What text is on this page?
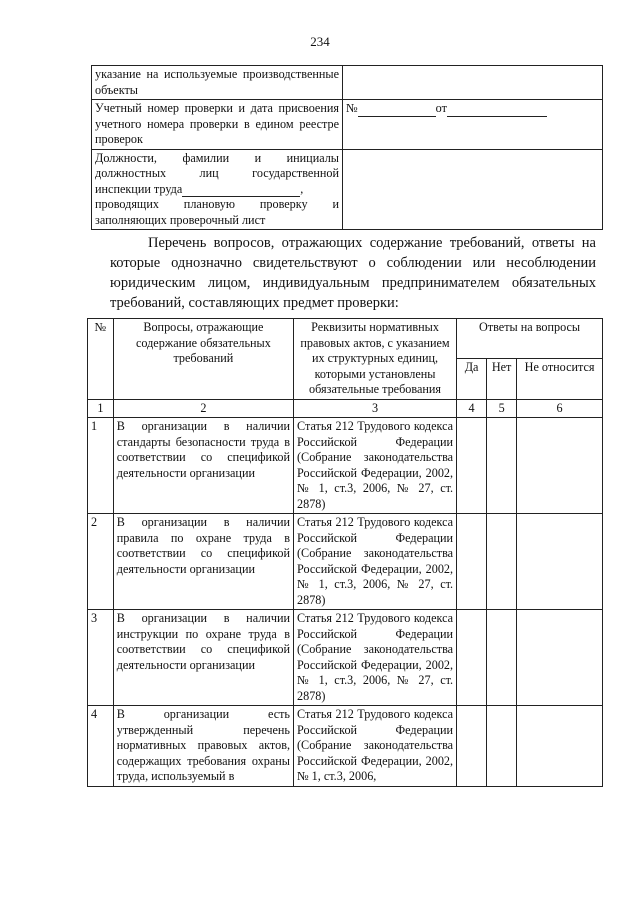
234
указание на используемые производственные объекты	
Учетный номер проверки и дата присвоения учетного номера проверки в едином реестре проверок	№ от

Должности, фамилии и инициалы
должностных лиц государственной
инспекции труда ,
проводящих плановую проверку и заполняющих проверочный лист	

Перечень вопросов, отражающих содержание требований, ответы на которые однозначно свидетельствуют о соблюдении или несоблюдении юридическим лицом, индивидуальным предпринимателем обязательных требований, составляющих предмет проверки:

№	Вопросы, отражающие содержание обязательных требований	Реквизиты нормативных правовых актов, с указанием их структурных единиц, которыми установлены обязательные требования	Ответы на вопросы		
			Да	Нет	Не относится
1	2	3	4	5	6
1	В организации в наличии стандарты безопасности труда в соответствии со спецификой деятельности организации	Статья 212 Трудового кодекса Российской Федерации (Собрание законодательства Российской Федерации, 2002, № 1, ст.3, 2006, № 27, ст. 2878)			
2	В организации в наличии правила по охране труда в соответствии со спецификой деятельности организации	Статья 212 Трудового кодекса Российской Федерации (Собрание законодательства Российской Федерации, 2002, № 1, ст.3, 2006, № 27, ст. 2878)			
3	В организации в наличии инструкции по охране труда в соответствии со спецификой деятельности организации	Статья 212 Трудового кодекса Российской Федерации (Собрание законодательства Российской Федерации, 2002, № 1, ст.3, 2006, № 27, ст. 2878)			
4	В организации есть утвержденный перечень нормативных правовых актов, содержащих требования охраны труда, используемый в	Статья 212 Трудового кодекса Российской Федерации (Собрание законодательства Российской Федерации, 2002, № 1, ст.3, 2006,			
